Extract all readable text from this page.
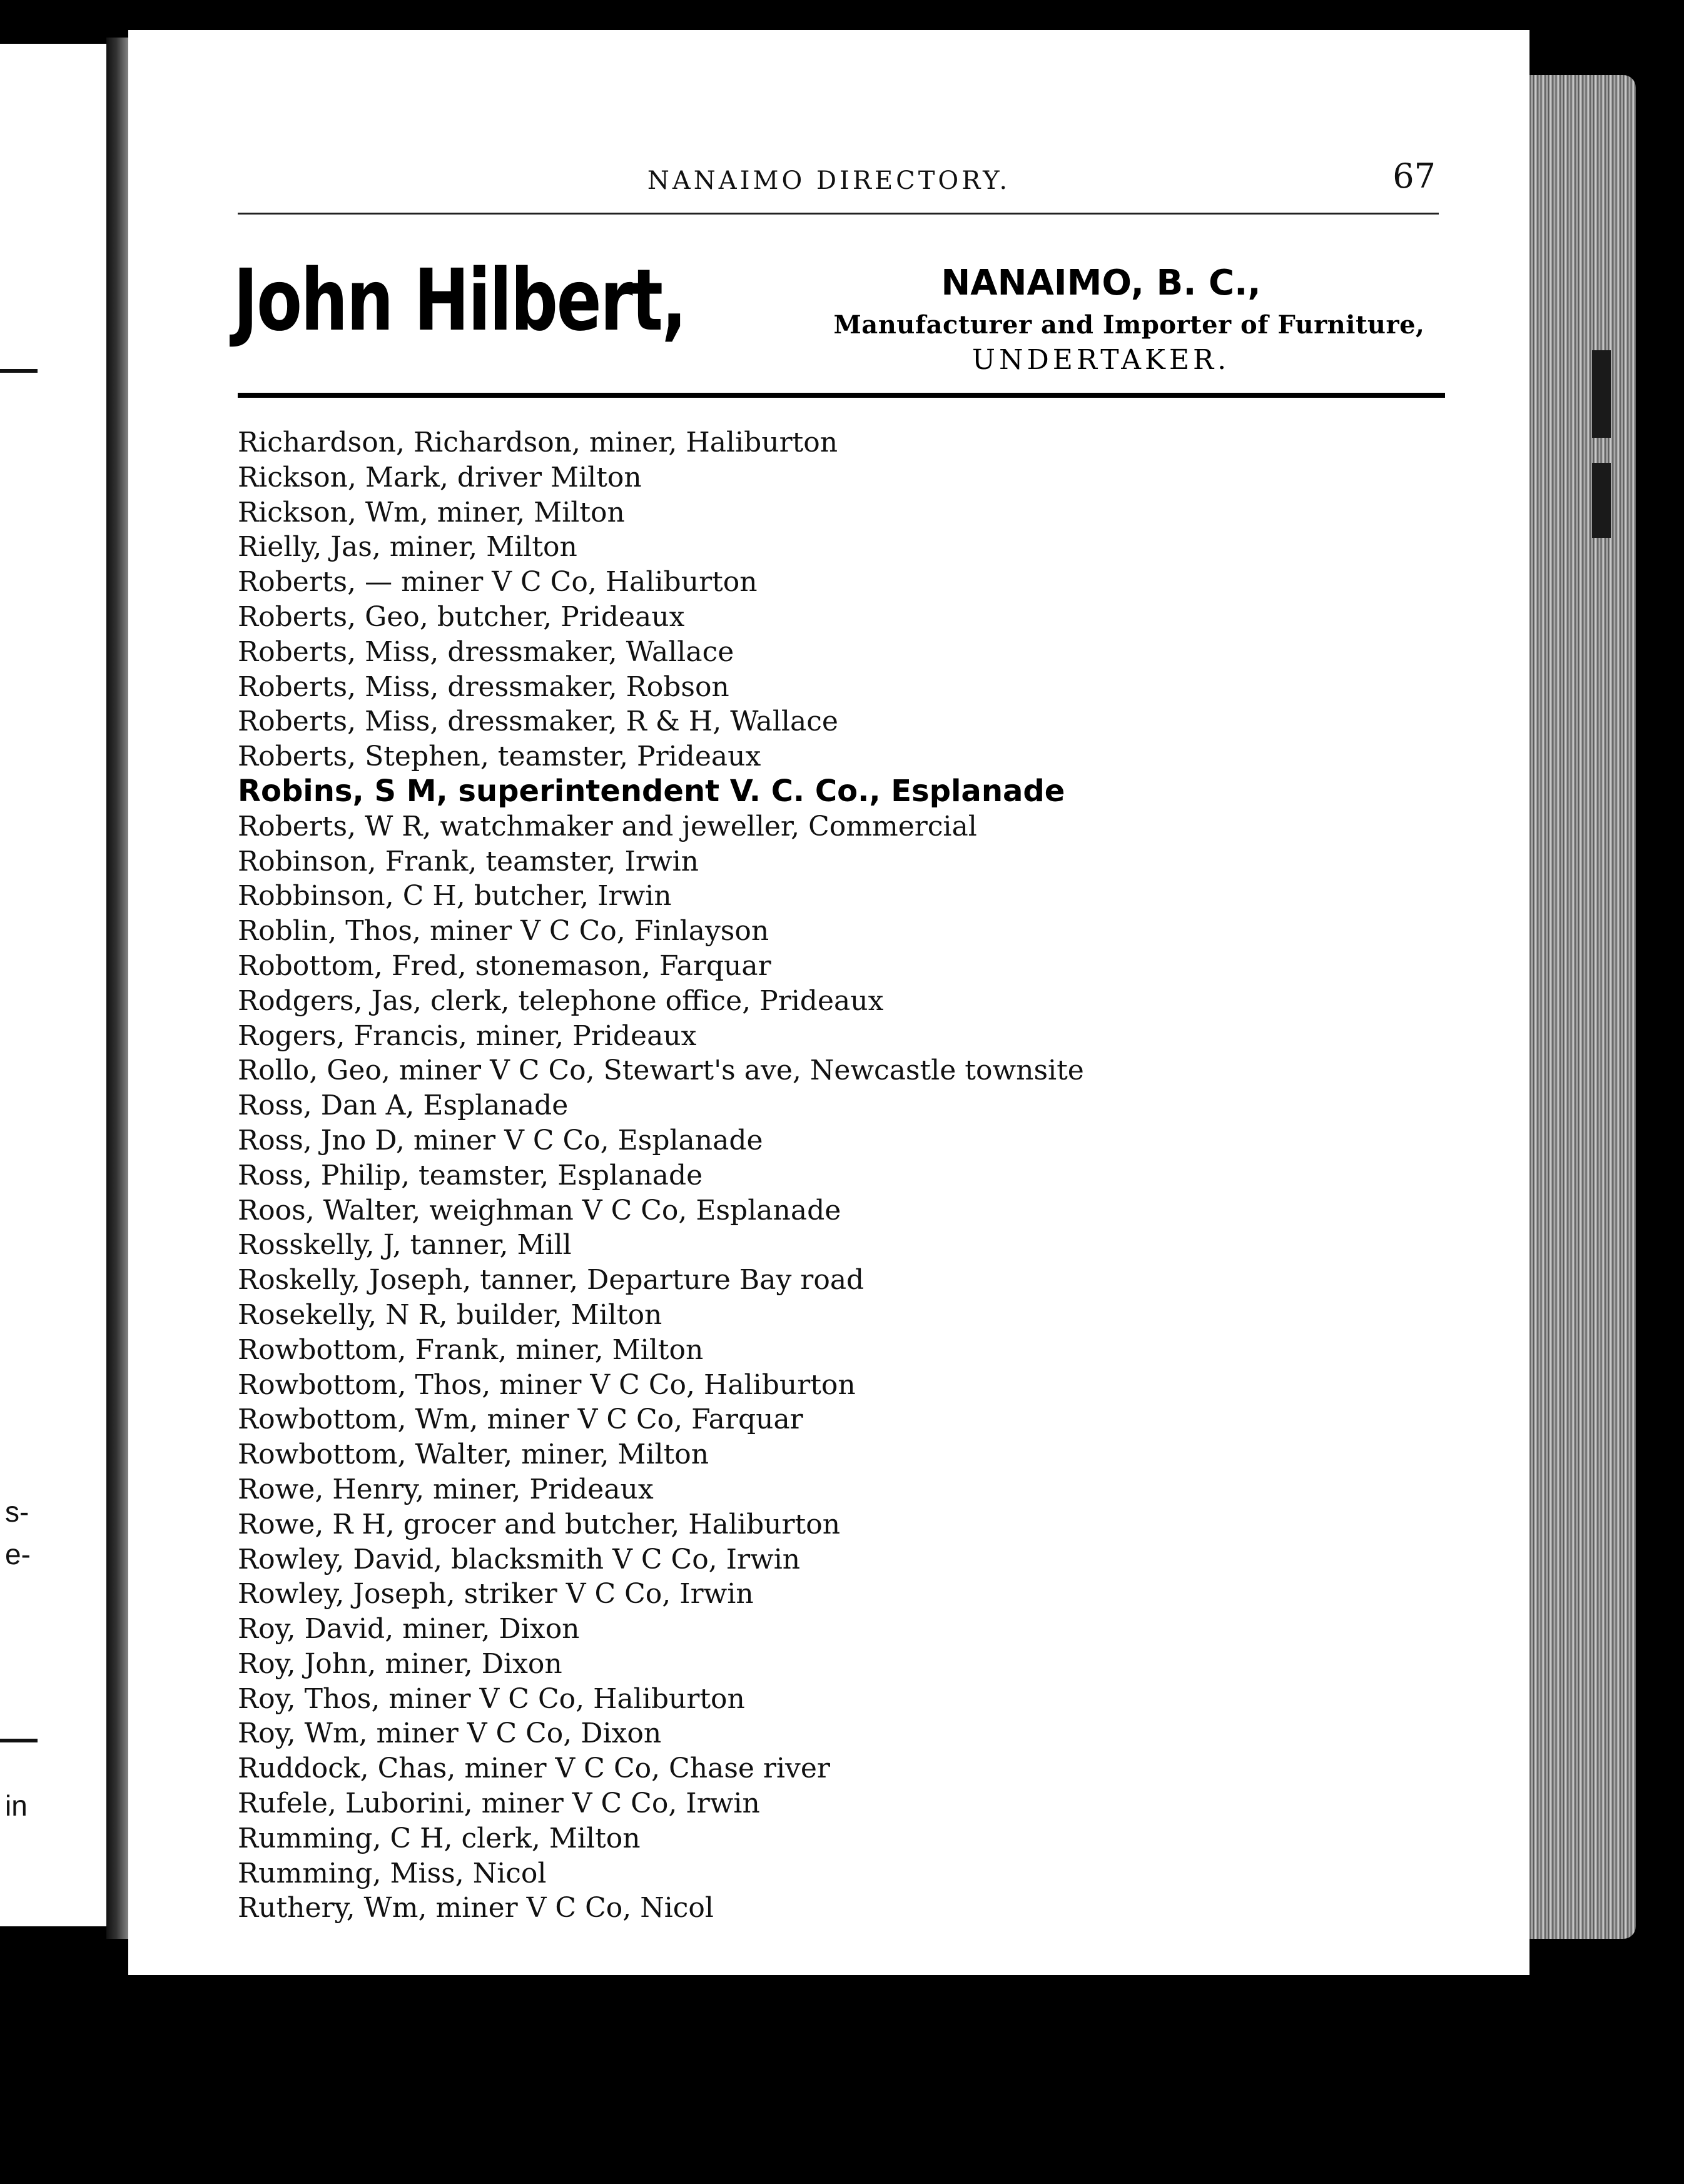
s-
e-
in
NANAIMO DIRECTORY.	67
John Hilbert,	NANAIMO, B. C.,
Manufacturer and Importer of Furniture,
UNDERTAKER.
Richardson, Richardson, miner, Haliburton
Rickson, Mark, driver Milton
Rickson, Wm, miner, Milton
Rielly, Jas, miner, Milton
Roberts, — miner V C Co, Haliburton
Roberts, Geo, butcher, Prideaux
Roberts, Miss, dressmaker, Wallace
Roberts, Miss, dressmaker, Robson
Roberts, Miss, dressmaker, R & H, Wallace
Roberts, Stephen, teamster, Prideaux
Robins, S M, superintendent V. C. Co., Esplanade
Roberts, W R, watchmaker and jeweller, Commercial
Robinson, Frank, teamster, Irwin
Robbinson, C H, butcher, Irwin
Roblin, Thos, miner V C Co, Finlayson
Robottom, Fred, stonemason, Farquar
Rodgers, Jas, clerk, telephone office, Prideaux
Rogers, Francis, miner, Prideaux
Rollo, Geo, miner V C Co, Stewart's ave, Newcastle townsite
Ross, Dan A, Esplanade
Ross, Jno D, miner V C Co, Esplanade
Ross, Philip, teamster, Esplanade
Roos, Walter, weighman V C Co, Esplanade
Rosskelly, J, tanner, Mill
Roskelly, Joseph, tanner, Departure Bay road
Rosekelly, N R, builder, Milton
Rowbottom, Frank, miner, Milton
Rowbottom, Thos, miner V C Co, Haliburton
Rowbottom, Wm, miner V C Co, Farquar
Rowbottom, Walter, miner, Milton
Rowe, Henry, miner, Prideaux
Rowe, R H, grocer and butcher, Haliburton
Rowley, David, blacksmith V C Co, Irwin
Rowley, Joseph, striker V C Co, Irwin
Roy, David, miner, Dixon
Roy, John, miner, Dixon
Roy, Thos, miner V C Co, Haliburton
Roy, Wm, miner V C Co, Dixon
Ruddock, Chas, miner V C Co, Chase river
Rufele, Luborini, miner V C Co, Irwin
Rumming, C H, clerk, Milton
Rumming, Miss, Nicol
Ruthery, Wm, miner V C Co, Nicol
